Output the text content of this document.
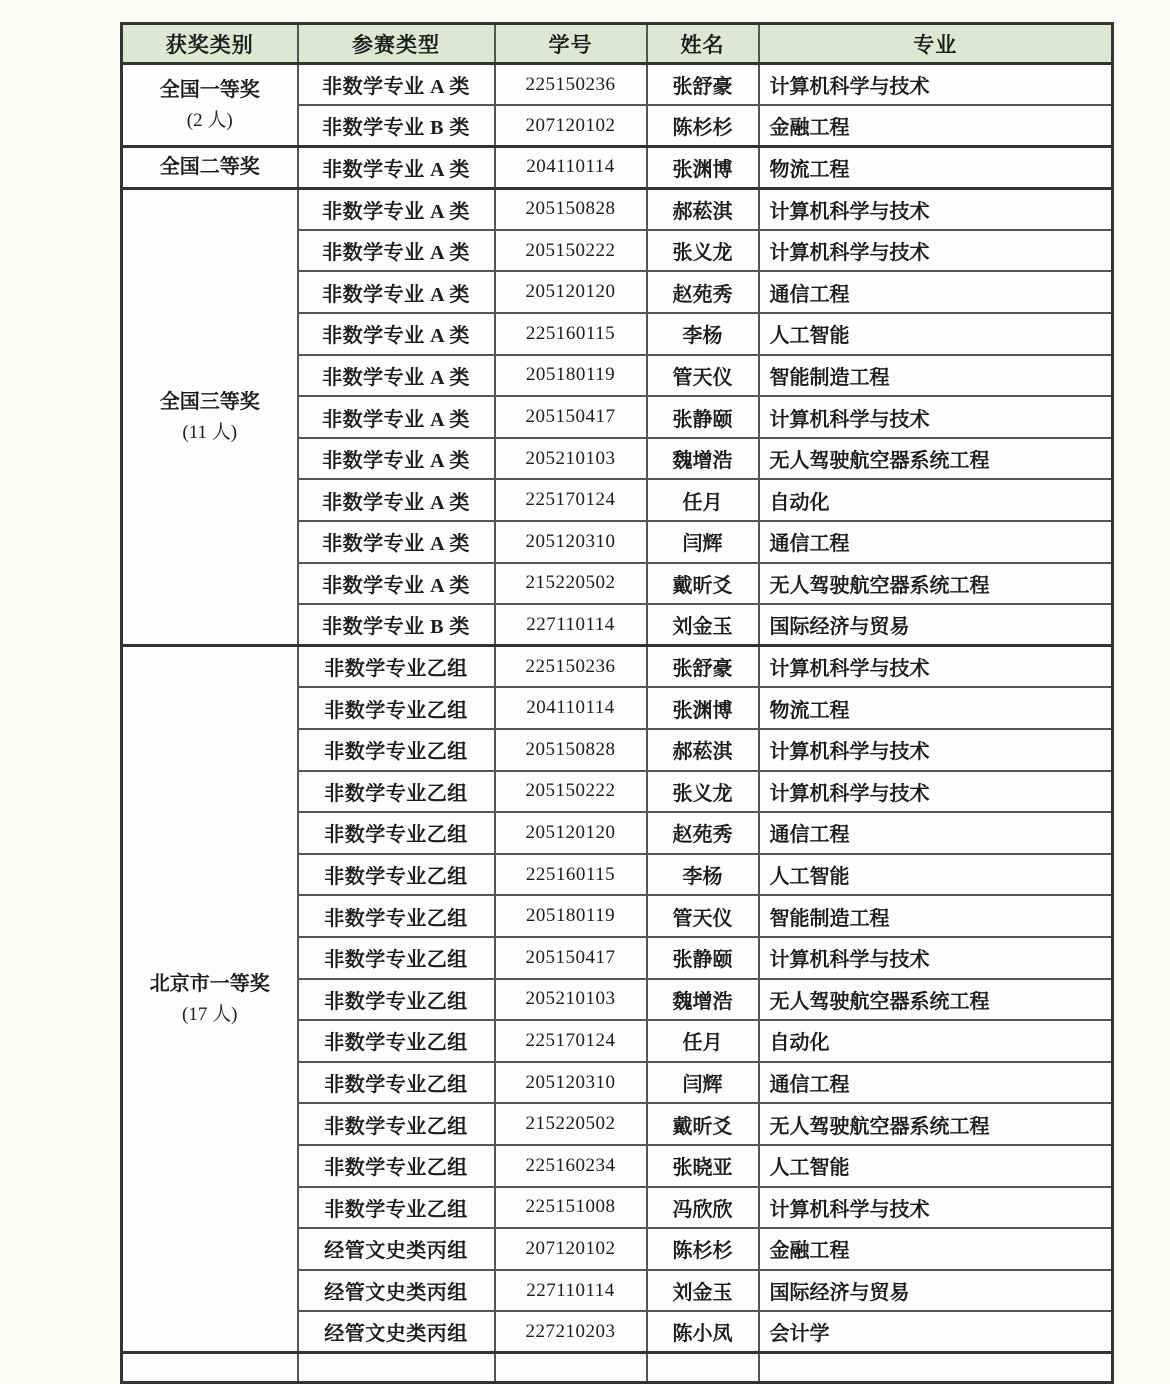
获奖类别	参赛类型	学号	姓名	专业

全国一等奖
(2 人)	非数学专业 A 类	225150236	张舒豪	计算机科学与技术
	非数学专业 B 类	207120102	陈杉杉	金融工程

全国二等奖	非数学专业 A 类	204110114	张渊博	物流工程

全国三等奖
(11 人)	非数学专业 A 类	205150828	郝菘淇	计算机科学与技术
	非数学专业 A 类	205150222	张义龙	计算机科学与技术
	非数学专业 A 类	205120120	赵苑秀	通信工程
	非数学专业 A 类	225160115	李杨	人工智能
	非数学专业 A 类	205180119	管天仪	智能制造工程
	非数学专业 A 类	205150417	张静颐	计算机科学与技术
	非数学专业 A 类	205210103	魏增浩	无人驾驶航空器系统工程
	非数学专业 A 类	225170124	任月	自动化
	非数学专业 A 类	205120310	闫辉	通信工程
	非数学专业 A 类	215220502	戴昕爻	无人驾驶航空器系统工程
	非数学专业 B 类	227110114	刘金玉	国际经济与贸易

北京市一等奖
(17 人)	非数学专业乙组	225150236	张舒豪	计算机科学与技术
	非数学专业乙组	204110114	张渊博	物流工程
	非数学专业乙组	205150828	郝菘淇	计算机科学与技术
	非数学专业乙组	205150222	张义龙	计算机科学与技术
	非数学专业乙组	205120120	赵苑秀	通信工程
	非数学专业乙组	225160115	李杨	人工智能
	非数学专业乙组	205180119	管天仪	智能制造工程
	非数学专业乙组	205150417	张静颐	计算机科学与技术
	非数学专业乙组	205210103	魏增浩	无人驾驶航空器系统工程
	非数学专业乙组	225170124	任月	自动化
	非数学专业乙组	205120310	闫辉	通信工程
	非数学专业乙组	215220502	戴昕爻	无人驾驶航空器系统工程
	非数学专业乙组	225160234	张晓亚	人工智能
	非数学专业乙组	225151008	冯欣欣	计算机科学与技术
	经管文史类丙组	207120102	陈杉杉	金融工程
	经管文史类丙组	227110114	刘金玉	国际经济与贸易
	经管文史类丙组	227210203	陈小凤	会计学
